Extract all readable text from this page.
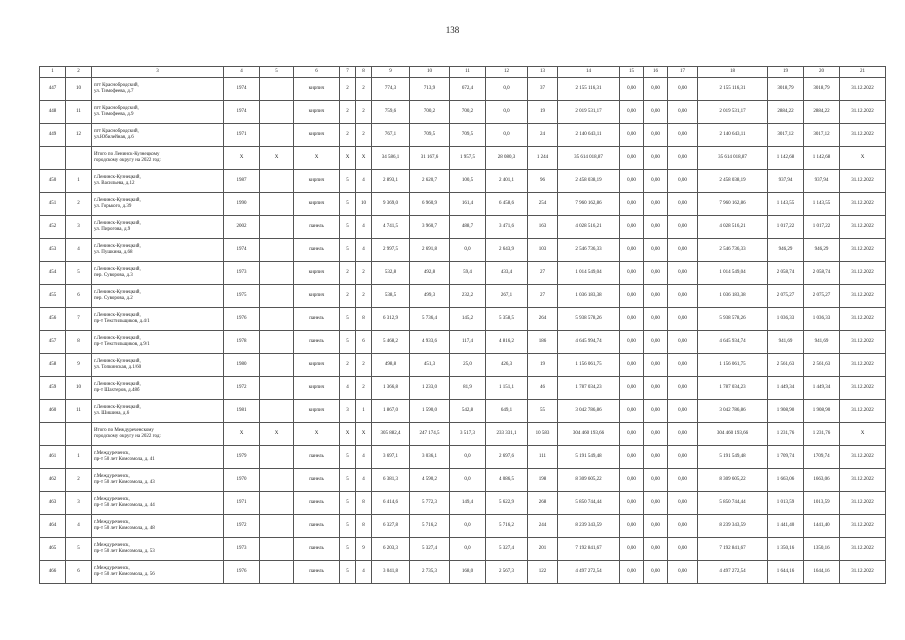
138
1	2	3	4	5	6	7	8	9	10	11	12	13	14	15	16	17	18	19	20	21
447	10	пгт Краснобродский,
ул. Тимофеева, д.7	1974		кирпич	2	2	774,3	713,9	672,4	0,0	37	2 155 116,31	0,00	0,00	0,00	2 155 116,31	3018,79	3018,79	31.12.2022
448	11	пгт Краснобродский,
ул. Тимофеева, д.9	1974		кирпич	2	2	759,6	700,2	700,2	0,0	19	2 019 531,17	0,00	0,00	0,00	2 019 531,17	2884,22	2884,22	31.12.2022
449	12	пгт Краснобродский,
ул.Юбилейная, д.6	1971		кирпич	2	2	767,1	709,5	709,5	0,0	24	2 140 643,11	0,00	0,00	0,00	2 140 643,11	3017,12	3017,12	31.12.2022
		Итого по Ленинск-Кузнецкому
городскому округу на 2022 год:	X	X	X	X	X	34 586,1	31 167,6	1 957,5	28 080,3	1 244	35 614 018,87	0,00	0,00	0,00	35 614 018,87	1 142,68	1 142,68	X
450	1	г.Ленинск-Кузнецкий,
ул. Васильева, д.12	1987		кирпич	5	4	2 893,1	2 620,7	100,5	2 401,1	96	2 458 038,19	0,00	0,00	0,00	2 458 038,19	937,94	937,94	31.12.2022
451	2	г.Ленинск-Кузнецкий,
ул. Горького, д.39	1990		кирпич	5	10	9 369,0	6 960,9	161,4	6 458,6	254	7 960 162,86	0,00	0,00	0,00	7 960 162,86	1 143,55	1 143,55	31.12.2022
452	3	г.Ленинск-Кузнецкий,
ул. Пирогова, д.9	2002		панель	5	4	4 741,5	3 960,7	488,7	3 471,6	163	4 028 516,21	0,00	0,00	0,00	4 028 516,21	1 017,22	1 017,22	31.12.2022
453	4	г.Ленинск-Кузнецкий,
ул. Пушкина, д.68	1974		панель	5	4	2 997,5	2 691,8	0,0	2 643,9	103	2 546 736,33	0,00	0,00	0,00	2 546 736,33	946,29	946,29	31.12.2022
454	5	г.Ленинск-Кузнецкий,
пер. Суворова, д.3	1973		кирпич	2	2	532,8	492,8	59,4	433,4	27	1 014 549,04	0,00	0,00	0,00	1 014 549,04	2 058,74	2 058,74	31.12.2022
455	6	г.Ленинск-Кузнецкий,
пер. Суворова, д.2	1975		кирпич	2	2	538,5	499,3	232,2	267,1	27	1 036 183,38	0,00	0,00	0,00	1 036 183,38	2 075,27	2 075,27	31.12.2022
456	7	г.Ленинск-Кузнецкий,
пр-т Текстильщиков, д.4/1	1976		панель	5	8	6 312,9	5 736,4	145,2	5 358,5	264	5 938 578,26	0,00	0,00	0,00	5 938 578,26	1 036,33	1 036,33	31.12.2022
457	8	г.Ленинск-Кузнецкий,
пр-т Текстильщиков, д.9/1	1978		панель	5	6	5 468,2	4 933,6	117,4	4 816,2	186	4 645 994,74	0,00	0,00	0,00	4 645 934,74	941,69	941,69	31.12.2022
458	9	г.Ленинск-Кузнецкий,
ул. Топкинская, д.1/60	1980		кирпич	2	2	498,8	451,3	25,0	426,3	19	1 156 061,75	0,00	0,00	0,00	1 156 061,75	2 561,63	2 561,63	31.12.2022
459	10	г.Ленинск-Кузнецкий,
пр-т Шахтеров, д.48б	1972		кирпич	4	2	1 366,8	1 233,0	81,9	1 151,1	46	1 787 034,23	0,00	0,00	0,00	1 787 034,23	1 449,34	1 449,34	31.12.2022
460	11	г.Ленинск-Кузнецкий,
ул. Шишина, д.6	1981		кирпич	3	1	1 867,0	1 590,0	542,8	649,1	55	3 042 786,86	0,00	0,00	0,00	3 042 786,86	1 908,90	1 908,90	31.12.2022
		Итого по Междуреченскому
городскому округу на 2022 год:	X	X	X	X	X	305 882,4	247 174,5	3 517,3	233 331,1	10 583	304 460 193,66	0,00	0,00	0,00	304 460 193,66	1 231,76	1 231,76	X
461	1	г.Междуреченск,
пр-т 50 лет Комсомола, д. 41	1979		панель	5	4	3 697,1	3 036,1	0,0	2 697,6	111	5 191 549,48	0,00	0,00	0,00	5 191 549,48	1 709,74	1709,74	31.12.2022
462	2	г.Междуреченск,
пр-т 50 лет Комсомола, д. 43	1970		панель	5	4	6 381,3	4 590,2	0,0	4 086,5	198	8 309 605,22	0,00	0,00	0,00	8 309 605,22	1 663,06	1663,06	31.12.2022
463	3	г.Междуреченск,
пр-т 50 лет Комсомола, д. 44	1971		панель	5	8	6 414,6	5 772,3	149,4	5 622,9	268	5 850 744,44	0,00	0,00	0,00	5 850 744,44	1 013,59	1013,59	31.12.2022
464	4	г.Междуреченск,
пр-т 50 лет Комсомола, д. 48	1972		панель	5	8	6 327,8	5 716,2	0,0	5 716,2	244	8 239 343,59	0,00	0,00	0,00	8 239 343,59	1 441,40	1441,40	31.12.2022
465	5	г.Междуреченск,
пр-т 50 лет Комсомола, д. 53	1973		панель	5	9	6 203,3	5 327,4	0,0	5 327,4	201	7 192 841,67	0,00	0,00	0,00	7 192 841,67	1 350,16	1350,16	31.12.2022
466	6	г.Междуреченск,
пр-т 50 лет Комсомола, д. 56	1976		панель	5	4	3 041,8	2 735,3	168,0	2 567,3	122	4 497 272,54	0,00	0,00	0,00	4 497 272,54	1 644,16	1644,16	31.12.2022
